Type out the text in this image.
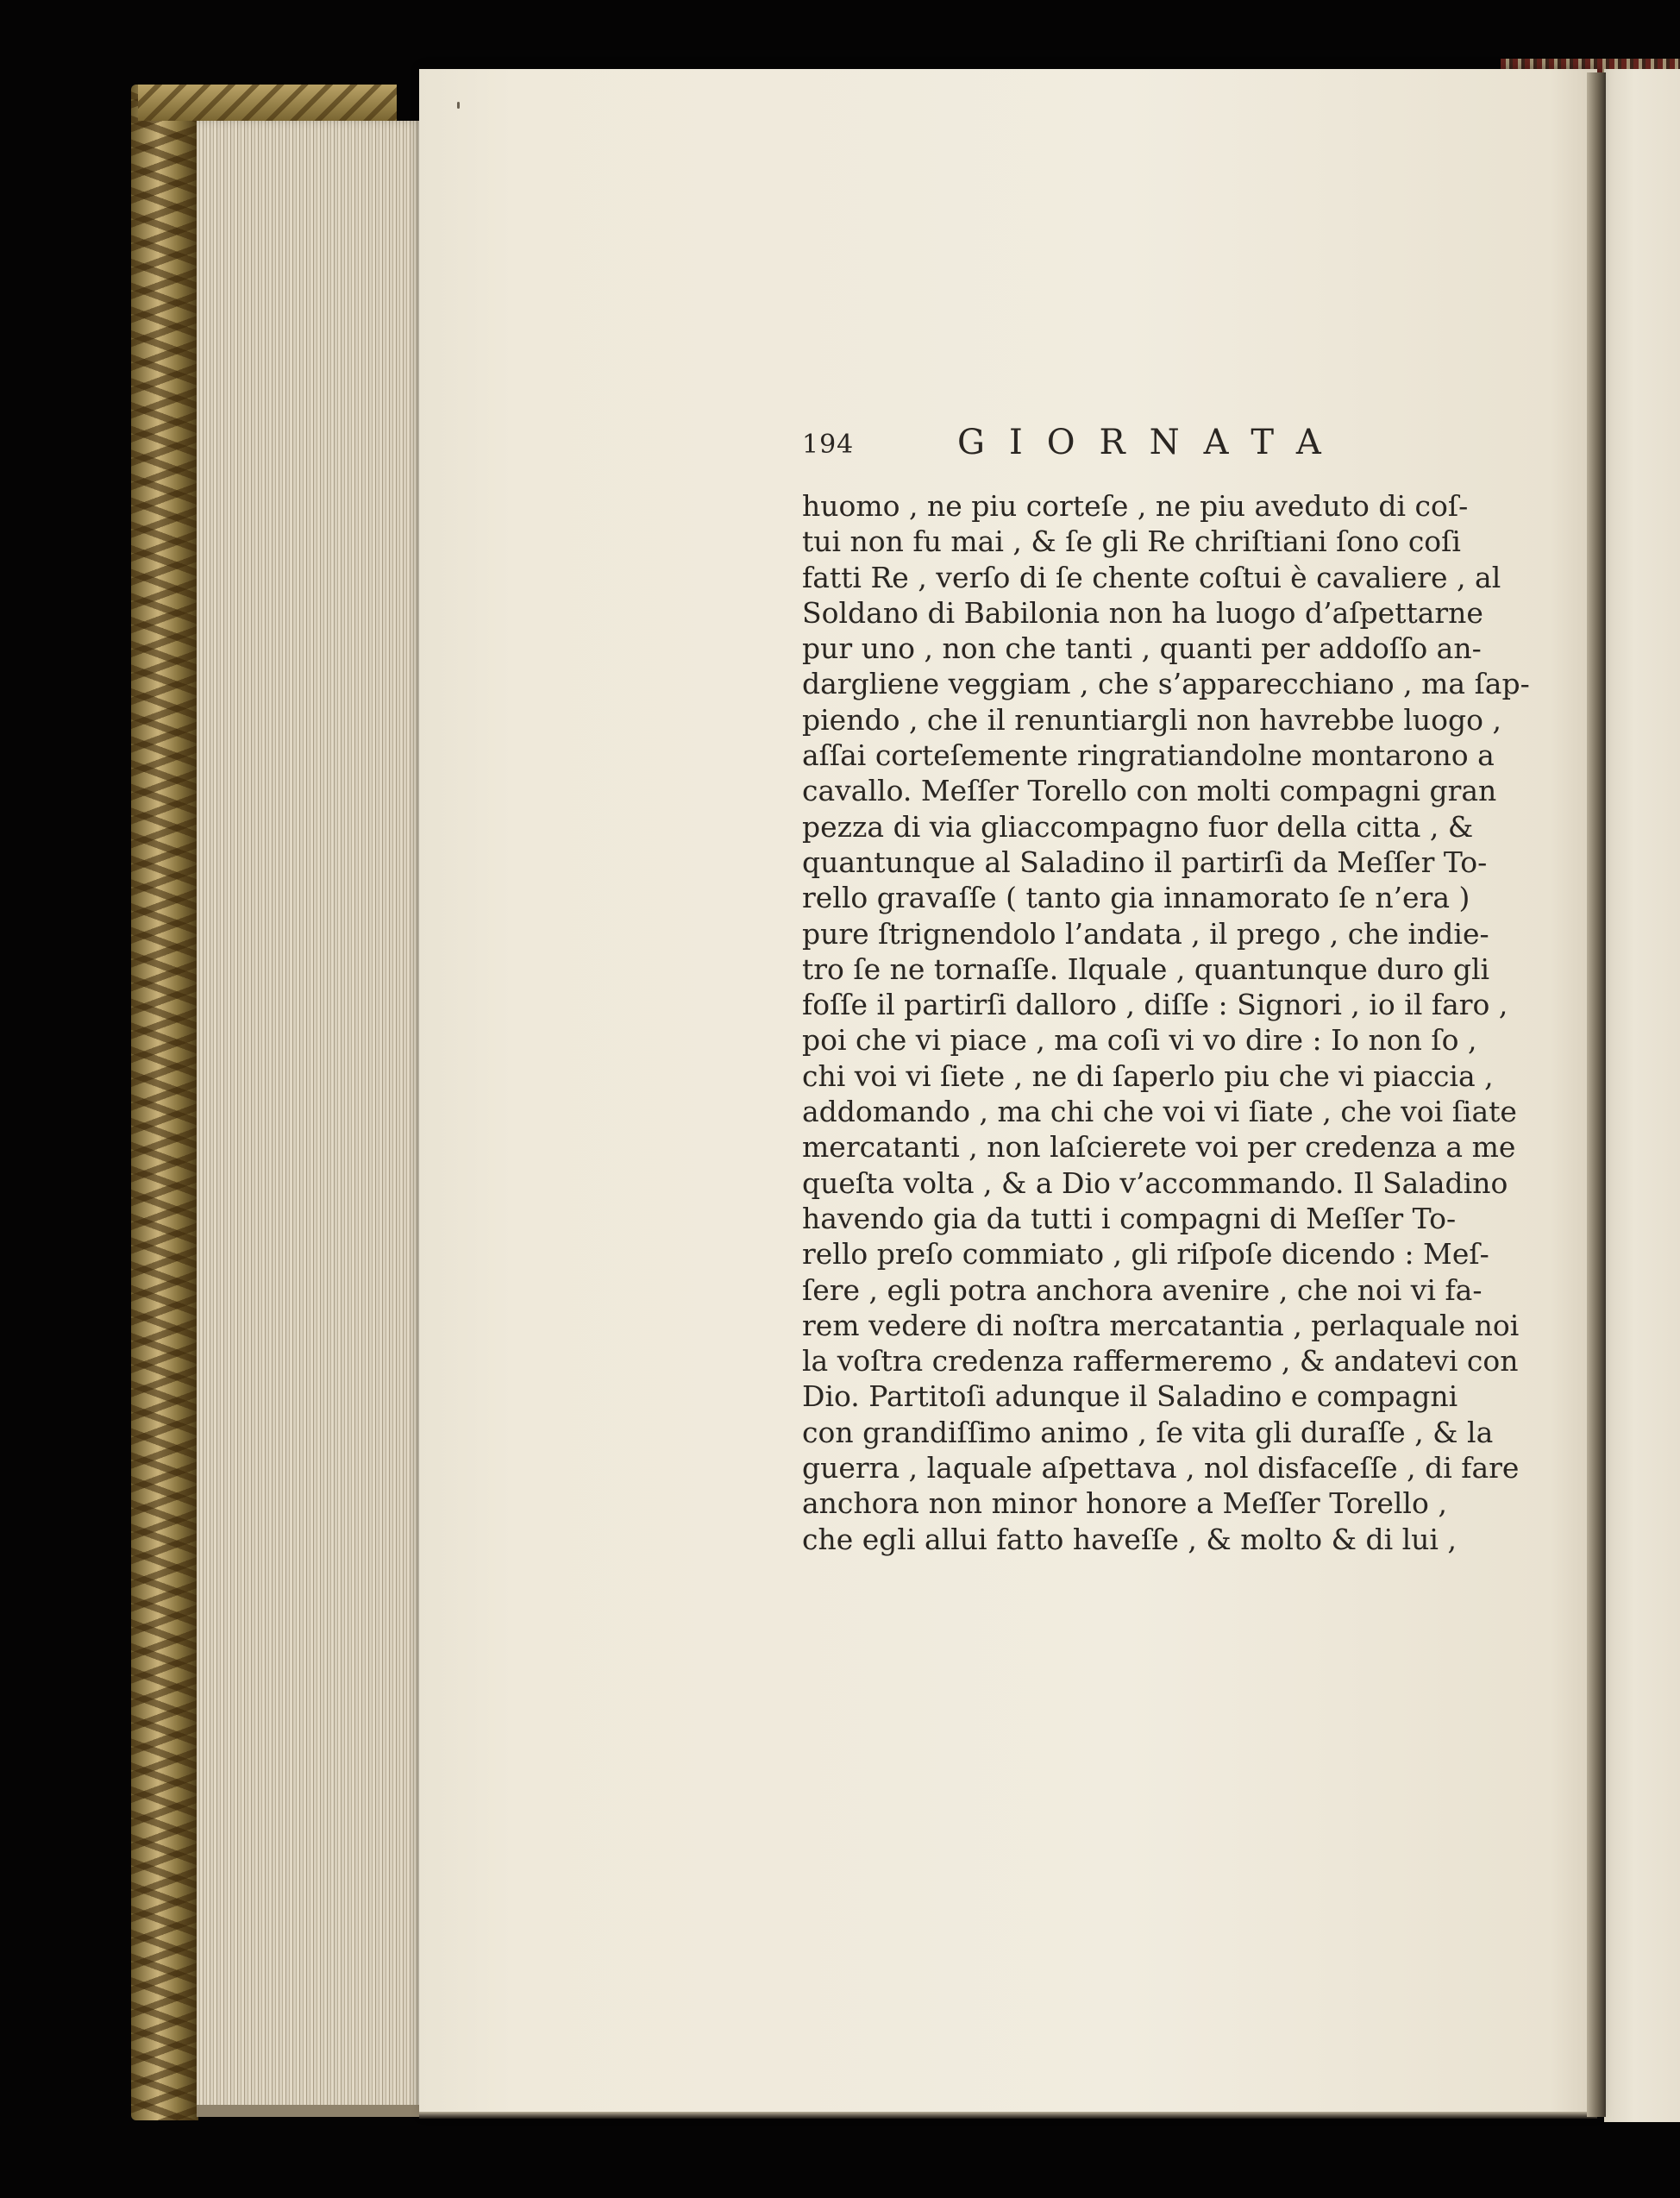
194	GIORNATA
huomo , ne piu corteſe , ne piu aveduto di coſ-
tui non fu mai , & ſe gli Re chriſtiani ſono coſi
fatti Re , verſo di ſe chente coſtui è cavaliere , al
Soldano di Babilonia non ha luogo d’aſpettarne
pur uno , non che tanti , quanti per addoſſo an-
dargliene veggiam , che s’apparecchiano , ma ſap-
piendo , che il renuntiargli non havrebbe luogo ,
aſſai corteſemente ringratiandolne montarono a
cavallo. Meſſer Torello con molti compagni gran
pezza di via gliaccompagno fuor della citta , &
quantunque al Saladino il partirſi da Meſſer To-
rello gravaſſe ( tanto gia innamorato ſe n’era )
pure ſtrignendolo l’andata , il prego , che indie-
tro ſe ne tornaſſe. Ilquale , quantunque duro gli
foſſe il partirſi dalloro , diſſe : Signori , io il faro ,
poi che vi piace , ma coſi vi vo dire : Io non ſo ,
chi voi vi ſiete , ne di ſaperlo piu che vi piaccia ,
addomando , ma chi che voi vi ſiate , che voi ſiate
mercatanti , non laſcierete voi per credenza a me
queſta volta , & a Dio v’accommando. Il Saladino
havendo gia da tutti i compagni di Meſſer To-
rello preſo commiato , gli riſpoſe dicendo : Meſ-
ſere , egli potra anchora avenire , che noi vi fa-
rem vedere di noſtra mercatantia , perlaquale noi
la voſtra credenza raffermeremo , & andatevi con
Dio. Partitoſi adunque il Saladino e compagni
con grandiſſimo animo , ſe vita gli duraſſe , & la
guerra , laquale aſpettava , nol disfaceſſe , di fare
anchora non minor honore a Meſſer Torello ,
che egli allui fatto haveſſe , & molto & di lui ,
